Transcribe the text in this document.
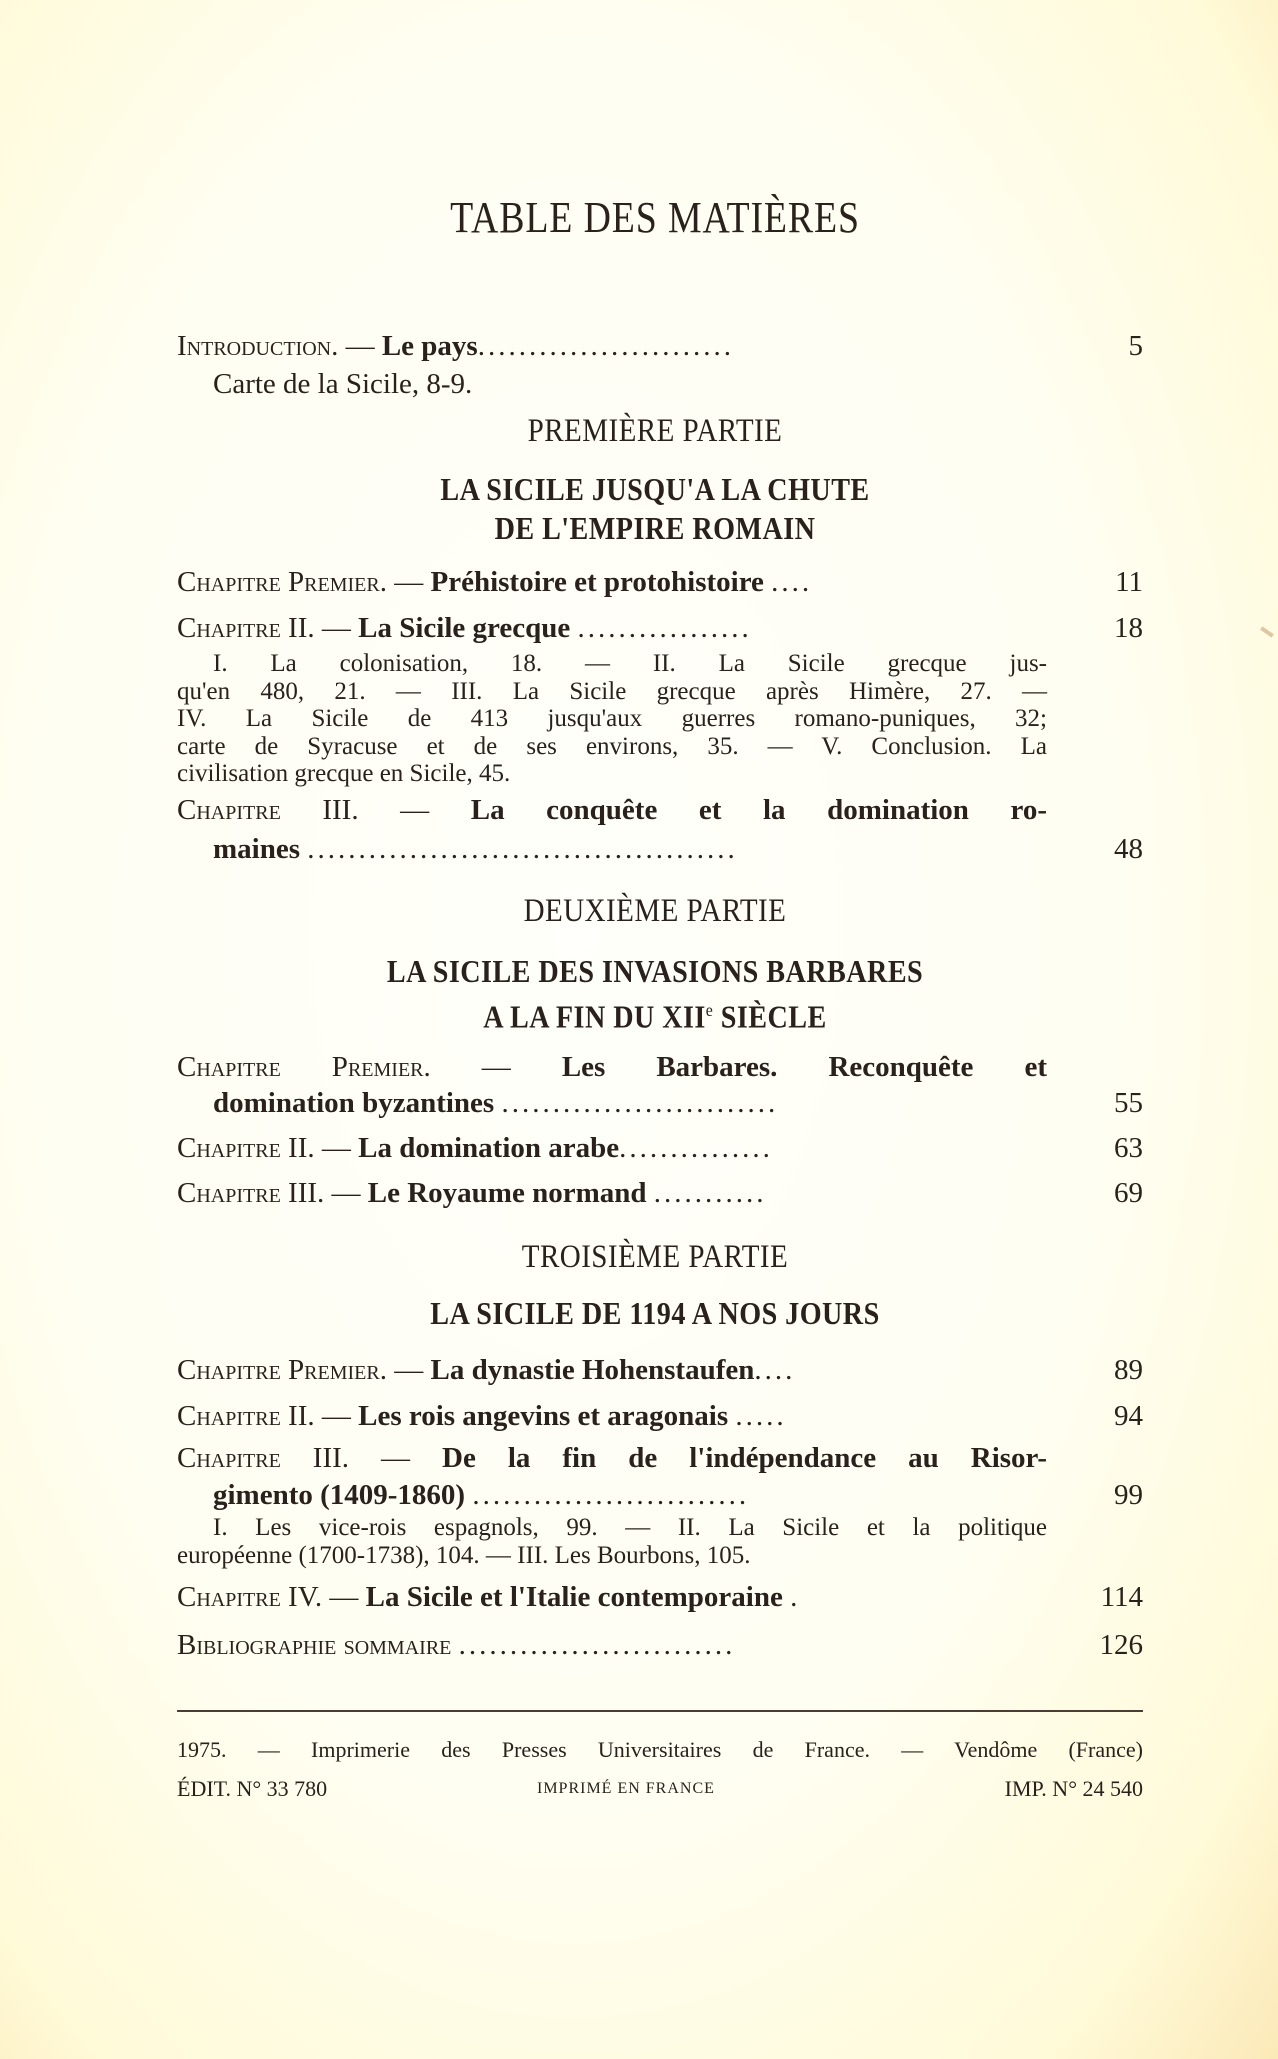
TABLE DES MATIÈRES
Introduction. — Le pays.........................	5
Carte de la Sicile, 8-9.
PREMIÈRE PARTIE
LA SICILE JUSQU'A LA CHUTE
DE L'EMPIRE ROMAIN
Chapitre Premier. — Préhistoire et protohistoire ....	11
Chapitre II. — La Sicile grecque .................	18
I. La colonisation, 18. — II. La Sicile grecque jus-
qu'en 480, 21. — III. La Sicile grecque après Himère, 27. —
IV. La Sicile de 413 jusqu'aux guerres romano-puniques, 32;
carte de Syracuse et de ses environs, 35. — V. Conclusion. La
civilisation grecque en Sicile, 45.
Chapitre III. — La conquête et la domination ro-
maines ..........................................	48
DEUXIÈME PARTIE
LA SICILE DES INVASIONS BARBARES
A LA FIN DU XIIe SIÈCLE
Chapitre Premier. — Les Barbares. Reconquête et
domination byzantines ...........................	55
Chapitre II. — La domination arabe...............	63
Chapitre III. — Le Royaume normand ...........	69
TROISIÈME PARTIE
LA SICILE DE 1194 A NOS JOURS
Chapitre Premier. — La dynastie Hohenstaufen....	89
Chapitre II. — Les rois angevins et aragonais .....	94
Chapitre III. — De la fin de l'indépendance au Risor-
gimento (1409-1860) ...........................	99
I. Les vice-rois espagnols, 99. — II. La Sicile et la politique
européenne (1700-1738), 104. — III. Les Bourbons, 105.
Chapitre IV. — La Sicile et l'Italie contemporaine .	114
Bibliographie sommaire ...........................	126
1975. — Imprimerie des Presses Universitaires de France. — Vendôme (France)
ÉDIT. N° 33 780	IMPRIMÉ EN FRANCE	IMP. N° 24 540
